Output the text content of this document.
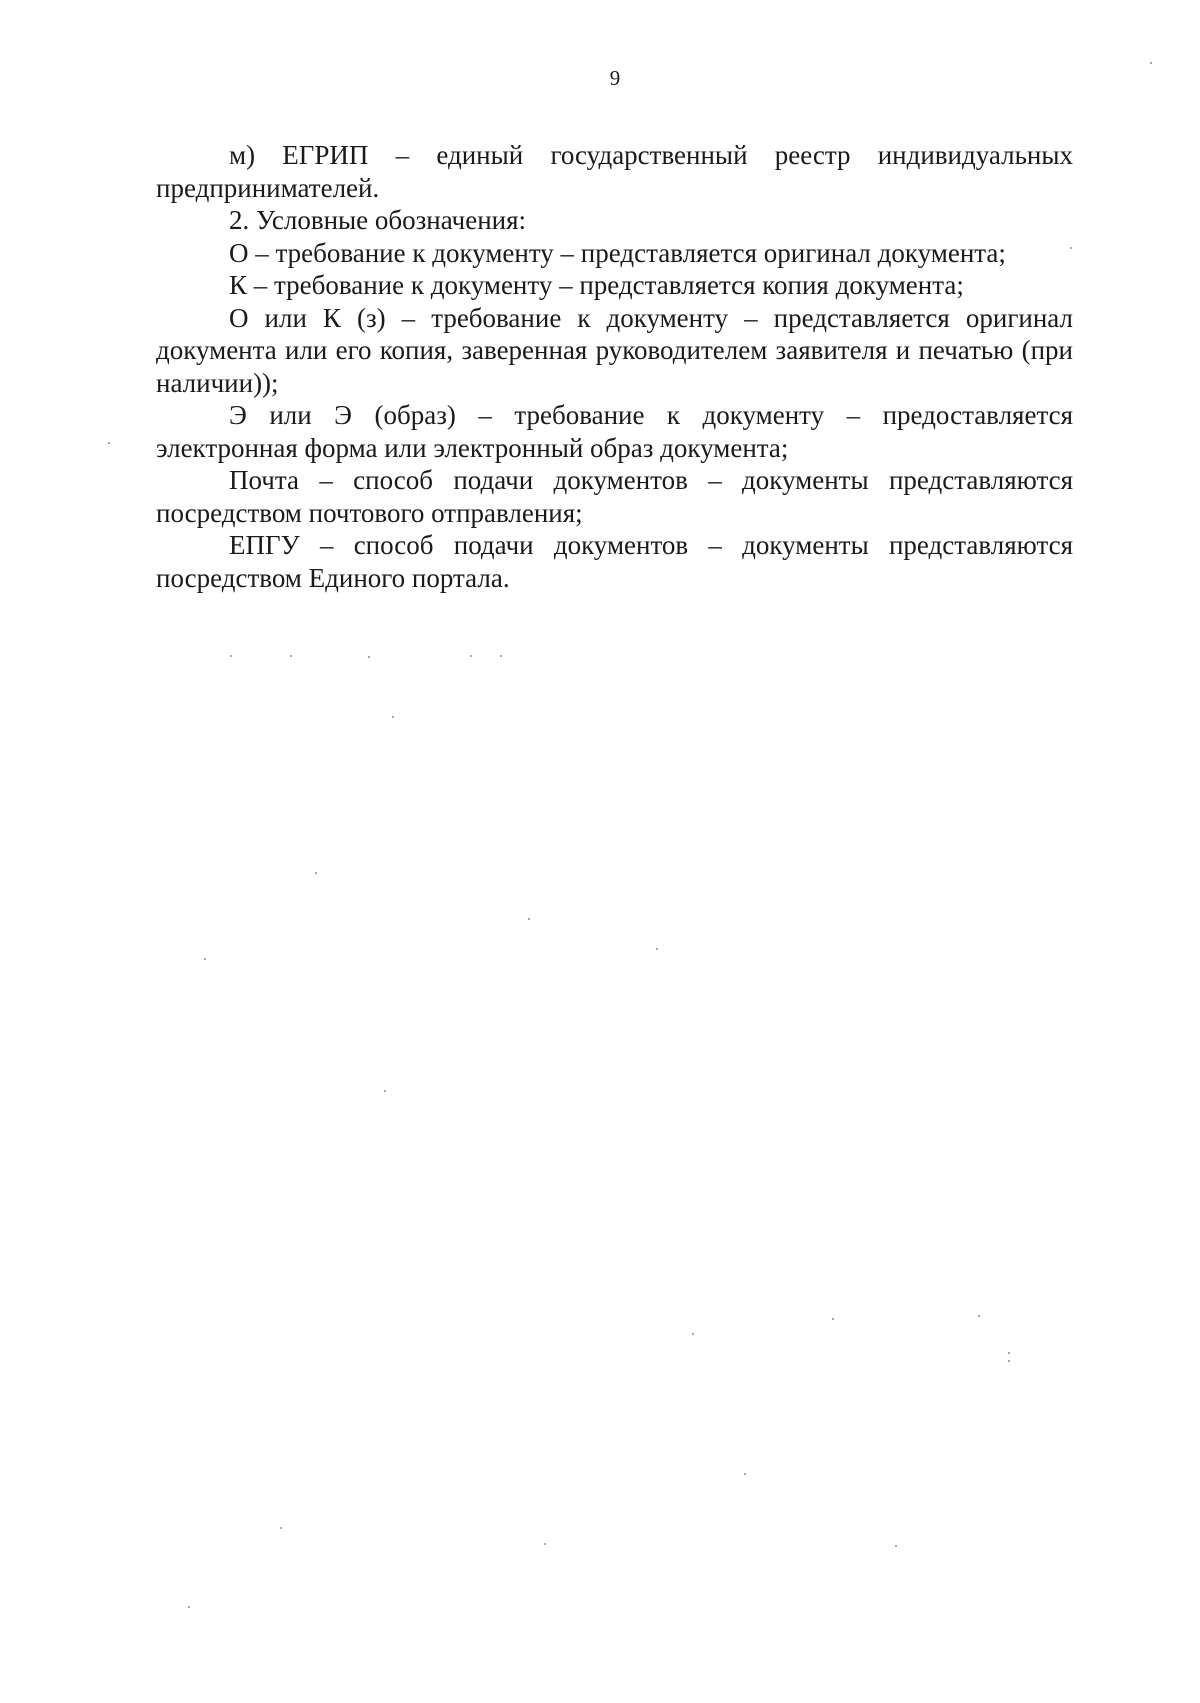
9

м) ЕГРИП – единый государственный реестр индивидуальных предпринимателей.

2. Условные обозначения:

О – требование к документу – представляется оригинал документа;

К – требование к документу – представляется копия документа;

О или К (з) – требование к документу – представляется оригинал документа или его копия, заверенная руководителем заявителя и печатью (при наличии));

Э или Э (образ) – требование к документу – предоставляется электронная форма или электронный образ документа;

Почта – способ подачи документов – документы представляются посредством почтового отправления;

ЕПГУ – способ подачи документов – документы представляются посредством Единого портала.
